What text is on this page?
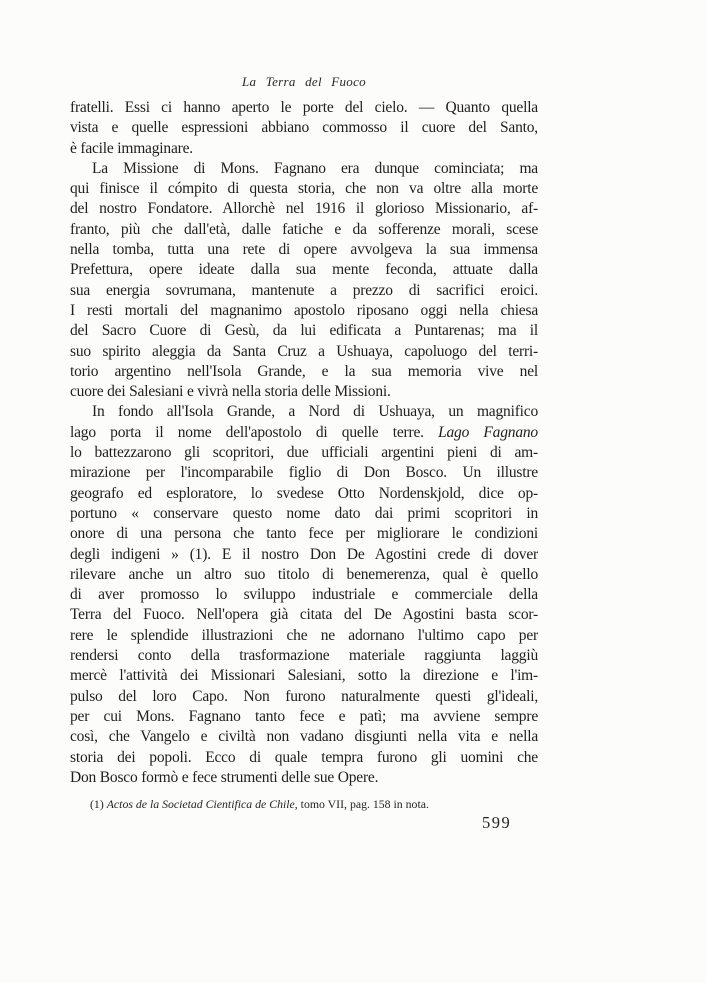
La Terra del Fuoco
fratelli. Essi ci hanno aperto le porte del cielo. — Quanto quella
vista e quelle espressioni abbiano commosso il cuore del Santo,
è facile immaginare.
La Missione di Mons. Fagnano era dunque cominciata; ma
qui finisce il cómpito di questa storia, che non va oltre alla morte
del nostro Fondatore. Allorchè nel 1916 il glorioso Missionario, af-
franto, più che dall'età, dalle fatiche e da sofferenze morali, scese
nella tomba, tutta una rete di opere avvolgeva la sua immensa
Prefettura, opere ideate dalla sua mente feconda, attuate dalla
sua energia sovrumana, mantenute a prezzo di sacrifici eroici.
I resti mortali del magnanimo apostolo riposano oggi nella chiesa
del Sacro Cuore di Gesù, da lui edificata a Puntarenas; ma il
suo spirito aleggia da Santa Cruz a Ushuaya, capoluogo del terri-
torio argentino nell'Isola Grande, e la sua memoria vive nel
cuore dei Salesiani e vivrà nella storia delle Missioni.
In fondo all'Isola Grande, a Nord di Ushuaya, un magnifico
lago porta il nome dell'apostolo di quelle terre. Lago Fagnano
lo battezzarono gli scopritori, due ufficiali argentini pieni di am-
mirazione per l'incomparabile figlio di Don Bosco. Un illustre
geografo ed esploratore, lo svedese Otto Nordenskjold, dice op-
portuno « conservare questo nome dato dai primi scopritori in
onore di una persona che tanto fece per migliorare le condizioni
degli indigeni » (1). E il nostro Don De Agostini crede di dover
rilevare anche un altro suo titolo di benemerenza, qual è quello
di aver promosso lo sviluppo industriale e commerciale della
Terra del Fuoco. Nell'opera già citata del De Agostini basta scor-
rere le splendide illustrazioni che ne adornano l'ultimo capo per
rendersi conto della trasformazione materiale raggiunta laggiù
mercè l'attività dei Missionari Salesiani, sotto la direzione e l'im-
pulso del loro Capo. Non furono naturalmente questi gl'ideali,
per cui Mons. Fagnano tanto fece e patì; ma avviene sempre
così, che Vangelo e civiltà non vadano disgiunti nella vita e nella
storia dei popoli. Ecco di quale tempra furono gli uomini che
Don Bosco formò e fece strumenti delle sue Opere.
(1) Actos de la Societad Cientifica de Chile, tomo VII, pag. 158 in nota.
599
